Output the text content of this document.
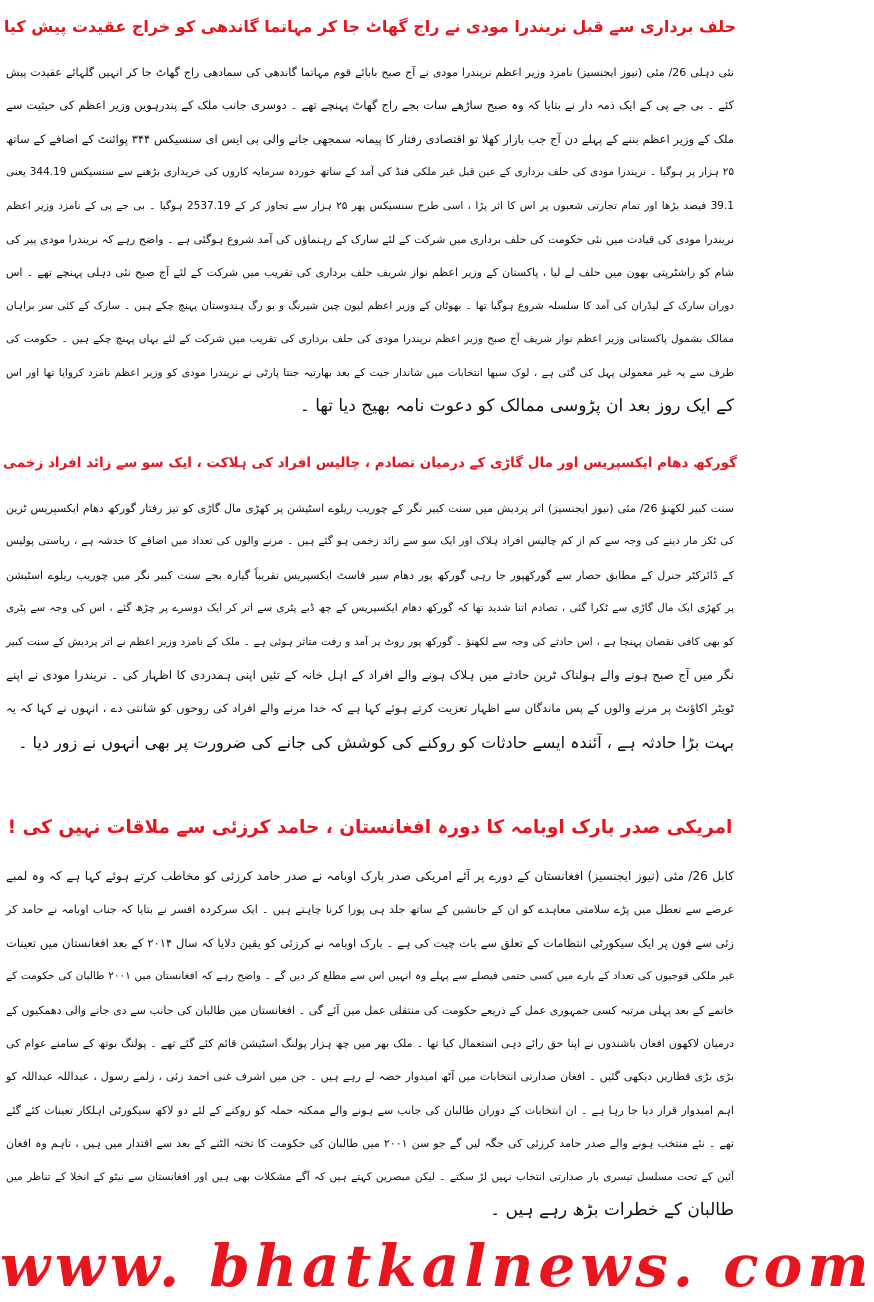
حلف برداری سے قبل نریندرا مودی نے راج گھاٹ جا کر مہاتما گاندھی کو خراج عقیدت پیش کیا

نئی دہلی 26/ مئی (نیوز ایجنسیز) نامزد وزیر اعظم نریندرا مودی نے آج صبح بابائے قوم مہاتما گاندھی کی سمادھی راج گھاٹ جا کر انہیں گلہائے عقیدت پیش

کئے ۔ بی جے پی کے ایک ذمہ دار نے بتایا کہ وہ صبح ساڑھے سات بجے راج گھاٹ پہنچے تھے ۔ دوسری جانب ملک کے پندرہویں وزیر اعظم کی حیثیت سے

ملک کے وزیر اعظم بننے کے پہلے دن آج جب بازار کھلا تو اقتصادی رفتار کا پیمانہ سمجھی جانے والی بی ایس ای سنسیکس ۳۴۴ پوائنٹ کے اضافے کے ساتھ

۲۵ ہزار پر ہوگیا ۔ نریندرا مودی کی حلف برداری کے عین قبل غیر ملکی فنڈ کی آمد کے ساتھ خوردہ سرمایہ کاروں کی خریداری بڑھنے سے سنسیکس 344.19 یعنی

39.1 فیصد بڑھا اور تمام تجارتی شعبوں پر اس کا اثر پڑا ، اسی طرح سنسیکس پھر ۲۵ ہزار سے تجاوز کر کے 2537.19 ہوگیا ۔ بی جے پی کے نامزد وزیر اعظم

نریندرا مودی کی قیادت میں نئی حکومت کی حلف برداری میں شرکت کے لئے سارک کے رہنماؤں کی آمد شروع ہوگئی ہے ۔ واضح رہے کہ نریندرا مودی پیر کی

شام کو راشٹرپتی بھون میں حلف لے لیا ، پاکستان کے وزیر اعظم نواز شریف حلف برداری کی تقریب میں شرکت کے لئے آج صبح نئی دہلی پہنچے تھے ۔ اس

دوران سارک کے لیڈران کی آمد کا سلسلہ شروع ہوگیا تھا ۔ بھوٹان کے وزیر اعظم لیون چین شیرنگ و بو رگ ہندوستان پہنچ چکے ہیں ۔ سارک کے کئی سر براہان

ممالک بشمول پاکستانی وزیر اعظم نواز شریف آج صبح وزیر اعظم نریندرا مودی کی حلف برداری کی تقریب میں شرکت کے لئے یہاں پہنچ چکے ہیں ۔ حکومت کی

طرف سے یہ غیر معمولی پہل کی گئی ہے ، لوک سبھا انتخابات میں شاندار جیت کے بعد بھارتیہ جنتا پارٹی نے نریندرا مودی کو وزیر اعظم نامزد کروایا تھا اور اس

کے ایک روز بعد ان پڑوسی ممالک کو دعوت نامہ بھیج دیا تھا ۔

گورکھ دھام ایکسپریس اور مال گاڑی کے درمیان تصادم ، چالیس افراد کی ہلاکت ، ایک سو سے زائد افراد زخمی

سنت کبیر لکھنؤ 26/ مئی (نیوز ایجنسیز) اتر پردیش میں سنت کبیر نگر کے چوریب ریلوے اسٹیشن پر کھڑی مال گاڑی کو تیز رفتار گورکھ دھام ایکسپریس ٹرین

کی ٹکر مار دینے کی وجہ سے کم از کم چالیس افراد ہلاک اور ایک سو سے زائد زخمی ہو گئے ہیں ۔ مرنے والوں کی تعداد میں اضافے کا خدشہ ہے ، ریاستی پولیس

کے ڈائرکٹر جنرل کے مطابق حصار سے گورکھپور جا رہی گورکھ پور دھام سپر فاسٹ ایکسپریس تقریباً گیارہ بجے سنت کبیر نگر میں چوریب ریلوے اسٹیشن

پر کھڑی ایک مال گاڑی سے ٹکرا گئی ، تصادم اتنا شدید تھا کہ گورکھ دھام ایکسپریس کے چھ ڈبے پٹری سے اتر کر ایک دوسرے پر چڑھ گئے ، اس کی وجہ سے پٹری

کو بھی کافی نقصان پہنچا ہے ، اس حادثے کی وجہ سے لکھنؤ ۔ گورکھ پور روٹ پر آمد و رفت متاثر ہوئی ہے ۔ ملک کے نامزد وزیر اعظم نے اتر پردیش کے سنت کبیر

نگر میں آج صبح ہونے والے ہولناک ٹرین حادثے میں ہلاک ہونے والے افراد کے اہل خانہ کے تئیں اپنی ہمدردی کا اظہار کی ۔ نریندرا مودی نے اپنے

ٹویٹر اکاؤنٹ پر مرنے والوں کے پس ماندگان سے اظہار تعزیت کرتے ہوئے کہا ہے کہ خدا مرنے والے افراد کی روحوں کو شانتی دے ، انہوں نے کہا کہ یہ

بہت بڑا حادثہ ہے ، آئندہ ایسے حادثات کو روکنے کی کوشش کی جانے کی ضرورت پر بھی انہوں نے زور دیا ۔

امریکی صدر بارک اوبامہ کا دورہ افغانستان ، حامد کرزئی سے ملاقات نہیں کی !

کابل 26/ مئی (نیوز ایجنسیز) افغانستان کے دورے پر آئے امریکی صدر بارک اوبامہ نے صدر حامد کرزئی کو مخاطب کرتے ہوئے کہا ہے کہ وہ لمبے

عرصے سے تعطل میں پڑے سلامتی معاہدے کو ان کے جانشین کے ساتھ جلد ہی پورا کرنا چاہتے ہیں ۔ ایک سرکردہ افسر نے بتایا کہ جناب اوبامہ نے حامد کر

زئی سے فون پر ایک سیکورٹی انتظامات کے تعلق سے بات چیت کی ہے ۔ بارک اوبامہ نے کرزئی کو یقین دلایا کہ سال ۲۰۱۴ کے بعد افغانستان میں تعینات

غیر ملکی فوجیوں کی تعداد کے بارے میں کسی حتمی فیصلے سے پہلے وہ انہیں اس سے مطلع کر دیں گے ۔ واضح رہے کہ افغانستان میں ۲۰۰۱ طالبان کی حکومت کے

خاتمے کے بعد پہلی مرتبہ کسی جمہوری عمل کے ذریعے حکومت کی منتقلی عمل میں آئے گی ۔ افغانستان میں طالبان کی جانب سے دی جانے والی دھمکیوں کے

درمیان لاکھوں افغان باشندوں نے اپنا حق رائے دہی استعمال کیا تھا ۔ ملک بھر میں چھ ہزار پولنگ اسٹیشن قائم کئے گئے تھے ۔ پولنگ بوتھ کے سامنے عوام کی

بڑی بڑی قطاریں دیکھی گئیں ۔ افغان صدارتی انتخابات میں آٹھ امیدوار حصہ لے رہے ہیں ۔ جن میں اشرف غنی احمد زئی ، زلمے رسول ، عبداللہ عبداللہ کو

اہم امیدوار قرار دیا جا رہا ہے ۔ ان انتخابات کے دوران طالبان کی جانب سے ہونے والے ممکنہ حملہ کو روکنے کے لئے دو لاکھ سیکورٹی اہلکار تعینات کئے گئے

تھے ۔ نئے منتخب ہونے والے صدر حامد کرزئی کی جگہ لیں گے جو سن ۲۰۰۱ میں طالبان کی حکومت کا تختہ الٹنے کے بعد سے اقتدار میں ہیں ، تاہم وہ افغان

آئین کے تحت مسلسل تیسری بار صدارتی انتخاب نہیں لڑ سکتے ۔ لیکن مبصرین کہتے ہیں کہ آگے مشکلات بھی ہیں اور افغانستان سے نیٹو کے انخلا کے تناظر میں

طالبان کے خطرات بڑھ رہے ہیں ۔

www. bhatkalnews. com
